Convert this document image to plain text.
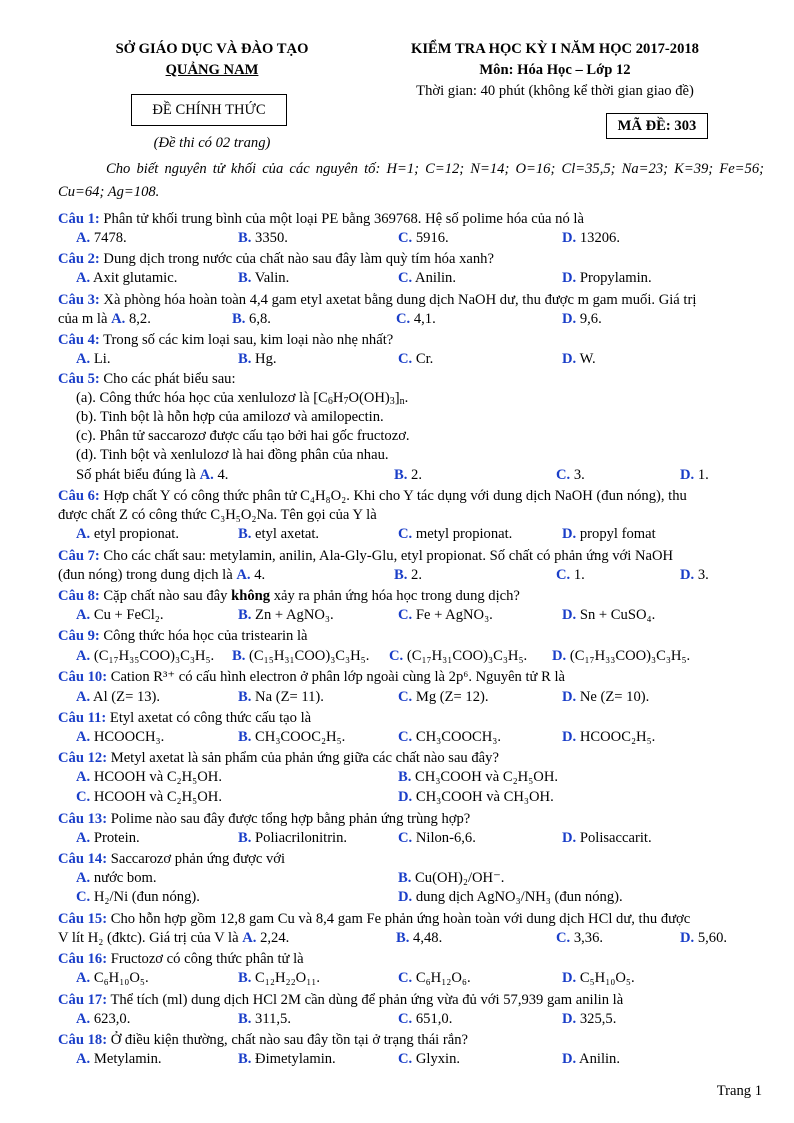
SỞ GIÁO DỤC VÀ ĐÀO TẠO
QUẢNG NAM
ĐỀ CHÍNH THỨC
(Đề thi có 02 trang)
KIỂM TRA HỌC KỲ I NĂM HỌC 2017-2018
Môn: Hóa Học – Lớp 12
Thời gian: 40 phút (không kể thời gian giao đề)
MÃ ĐỀ: 303
Cho biết nguyên tử khối của các nguyên tố: H=1; C=12; N=14; O=16; Cl=35,5; Na=23; K=39; Fe=56; Cu=64; Ag=108.
Câu 1: Phân tử khối trung bình của một loại PE bằng 369768. Hệ số polime hóa của nó là
A. 7478.	B. 3350.	C. 5916.	D. 13206.
Câu 2: Dung dịch trong nước của chất nào sau đây làm quỳ tím hóa xanh?
A. Axit glutamic.	B. Valin.	C. Anilin.	D. Propylamin.
Câu 3: Xà phòng hóa hoàn toàn 4,4 gam etyl axetat bằng dung dịch NaOH dư, thu được m gam muối. Giá trị
của m là A. 8,2.	B. 6,8.	C. 4,1.	D. 9,6.
Câu 4: Trong số các kim loại sau, kim loại nào nhẹ nhất?
A. Li.	B. Hg.	C. Cr.	D. W.
Câu 5: Cho các phát biểu sau:
(a). Công thức hóa học của xenlulozơ là $[C_6H_7O(OH)_3]_n$.
(b). Tinh bột là hỗn hợp của amilozơ và amilopectin.
(c). Phân tử saccarozơ được cấu tạo bởi hai gốc fructozơ.
(d). Tinh bột và xenlulozơ là hai đồng phân của nhau.
Số phát biểu đúng là A. 4.	B. 2.	C. 3.	D. 1.
Câu 6: Hợp chất Y có công thức phân tử C₄H₈O₂. Khi cho Y tác dụng với dung dịch NaOH (đun nóng), thu
được chất Z có công thức C₃H₅O₂Na. Tên gọi của Y là
A. etyl propionat.	B. etyl axetat.	C. metyl propionat.	D. propyl fomat
Câu 7: Cho các chất sau: metylamin, anilin, Ala-Gly-Glu, etyl propionat. Số chất có phản ứng với NaOH
(đun nóng) trong dung dịch là A. 4.	B. 2.	C. 1.	D. 3.
Câu 8: Cặp chất nào sau đây không xảy ra phản ứng hóa học trong dung dịch?
A. Cu + FeCl₂.	B. Zn + AgNO₃.	C. Fe + AgNO₃.	D. Sn + CuSO₄.
Câu 9: Công thức hóa học của tristearin là
A. (C₁₇H₃₅COO)₃C₃H₅. B. (C₁₅H₃₁COO)₃C₃H₅. C. (C₁₇H₃₁COO)₃C₃H₅. D. (C₁₇H₃₃COO)₃C₃H₅.
Câu 10: Cation R³⁺ có cấu hình electron ở phân lớp ngoài cùng là 2p⁶. Nguyên tử R là
A. Al (Z= 13).	B. Na (Z= 11).	C. Mg (Z= 12).	D. Ne (Z= 10).
Câu 11: Etyl axetat có công thức cấu tạo là
A. HCOOCH₃.	B. CH₃COOC₂H₅.	C. CH₃COOCH₃.	D. HCOOC₂H₅.
Câu 12: Metyl axetat là sản phẩm của phản ứng giữa các chất nào sau đây?
A. HCOOH và C₂H₅OH.	B. CH₃COOH và C₂H₅OH.
C. HCOOH và C₂H₅OH.	D. CH₃COOH và CH₃OH.
Câu 13: Polime nào sau đây được tổng hợp bằng phản ứng trùng hợp?
A. Protein.	B. Poliacrilonitrin.	C. Nilon-6,6.	D. Polisaccarit.
Câu 14: Saccarozơ phản ứng được với
A. nước bom.	B. Cu(OH)₂/OH⁻.
C. H₂/Ni (đun nóng).	D. dung dịch AgNO₃/NH₃ (đun nóng).
Câu 15: Cho hỗn hợp gồm 12,8 gam Cu và 8,4 gam Fe phản ứng hoàn toàn với dung dịch HCl dư, thu được
V lít H₂ (đktc). Giá trị của V là A. 2,24.	B. 4,48.	C. 3,36.	D. 5,60.
Câu 16: Fructozơ có công thức phân tử là
A. C₆H₁₀O₅.	B. C₁₂H₂₂O₁₁.	C. C₆H₁₂O₆.	D. C₅H₁₀O₅.
Câu 17: Thể tích (ml) dung dịch HCl 2M cần dùng để phản ứng vừa đủ với 57,939 gam anilin là
A. 623,0.	B. 311,5.	C. 651,0.	D. 325,5.
Câu 18: Ở điều kiện thường, chất nào sau đây tồn tại ở trạng thái rắn?
A. Metylamin.	B. Đimetylamin.	C. Glyxin.	D. Anilin.
Trang 1
